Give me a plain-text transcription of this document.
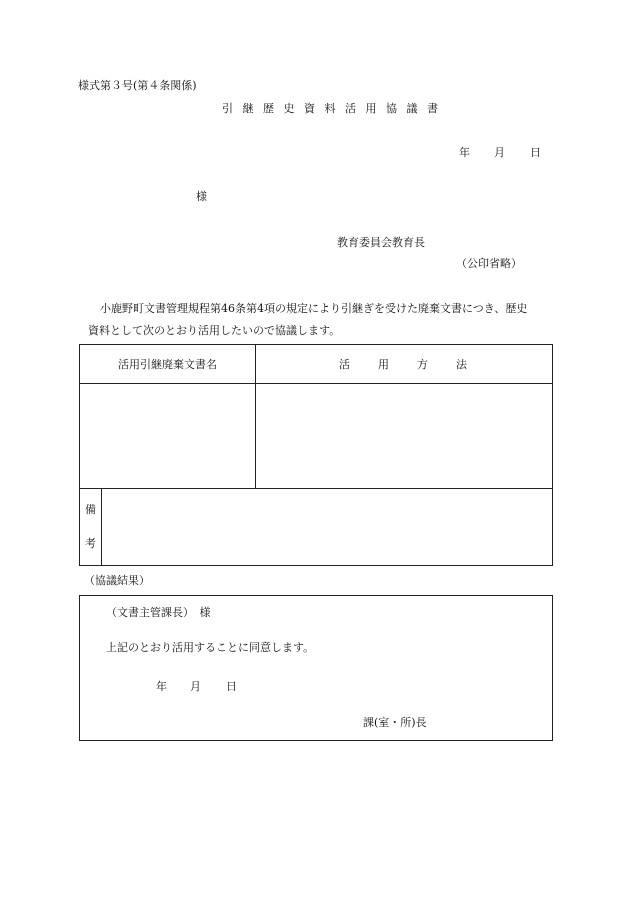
様式第３号(第４条関係)
引 継 歴 史 資 料 活 用 協 議 書
年 月 日
様
教育委員会教育長
（公印省略）
小鹿野町文書管理規程第46条第4項の規定により引継ぎを受けた廃棄文書につき、歴史
資料として次のとおり活用したいので協議します。
活用引継廃棄文書名		活　　用　　方　　法

備
考		

（協議結果）
（文書主管課長）　様
上記のとおり活用することに同意します。
年 月 日
課(室・所)長
